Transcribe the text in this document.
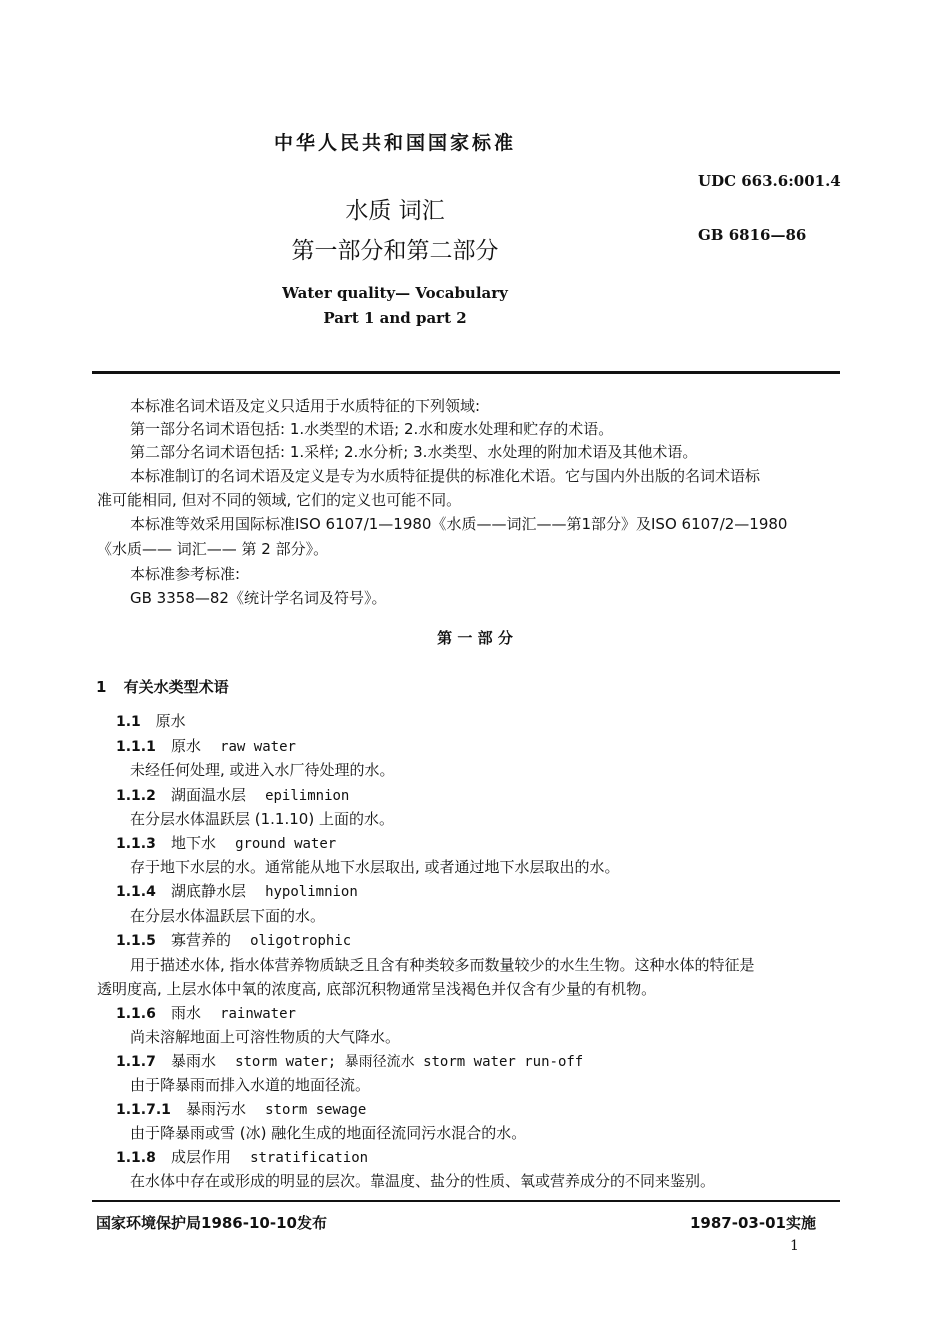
中华人民共和国国家标准
UDC 663.6:001.4
GB 6816—86
水质 词汇
第一部分和第二部分
Water quality— Vocabulary
Part 1 and part 2
本标准名词术语及定义只适用于水质特征的下列领域:
第一部分名词术语包括: 1.水类型的术语; 2.水和废水处理和贮存的术语。
第二部分名词术语包括: 1.采样; 2.水分析; 3.水类型、水处理的附加术语及其他术语。
本标准制订的名词术语及定义是专为水质特征提供的标准化术语。它与国内外出版的名词术语标
准可能相同, 但对不同的领域, 它们的定义也可能不同。
本标准等效采用国际标准ISO 6107/1—1980《水质——词汇——第1部分》及ISO 6107/2—1980
《水质—— 词汇—— 第 2 部分》。
本标准参考标准:
GB 3358—82《统计学名词及符号》。
第 一 部 分
1 有关水类型术语
1.1 原水
1.1.1 原水 raw water
未经任何处理, 或进入水厂待处理的水。
1.1.2 湖面温水层 epilimnion
在分层水体温跃层 (1.1.10) 上面的水。
1.1.3 地下水 ground water
存于地下水层的水。通常能从地下水层取出, 或者通过地下水层取出的水。
1.1.4 湖底静水层 hypolimnion
在分层水体温跃层下面的水。
1.1.5 寡营养的 oligotrophic
用于描述水体, 指水体营养物质缺乏且含有种类较多而数量较少的水生生物。这种水体的特征是
透明度高, 上层水体中氧的浓度高, 底部沉积物通常呈浅褐色并仅含有少量的有机物。
1.1.6 雨水 rainwater
尚未溶解地面上可溶性物质的大气降水。
1.1.7 暴雨水 storm water; 暴雨径流水 storm water run-off
由于降暴雨而排入水道的地面径流。
1.1.7.1 暴雨污水 storm sewage
由于降暴雨或雪 (冰) 融化生成的地面径流同污水混合的水。
1.1.8 成层作用 stratification
在水体中存在或形成的明显的层次。靠温度、盐分的性质、氧或营养成分的不同来鉴别。
国家环境保护局1986-10-10发布	1987-03-01实施
1
